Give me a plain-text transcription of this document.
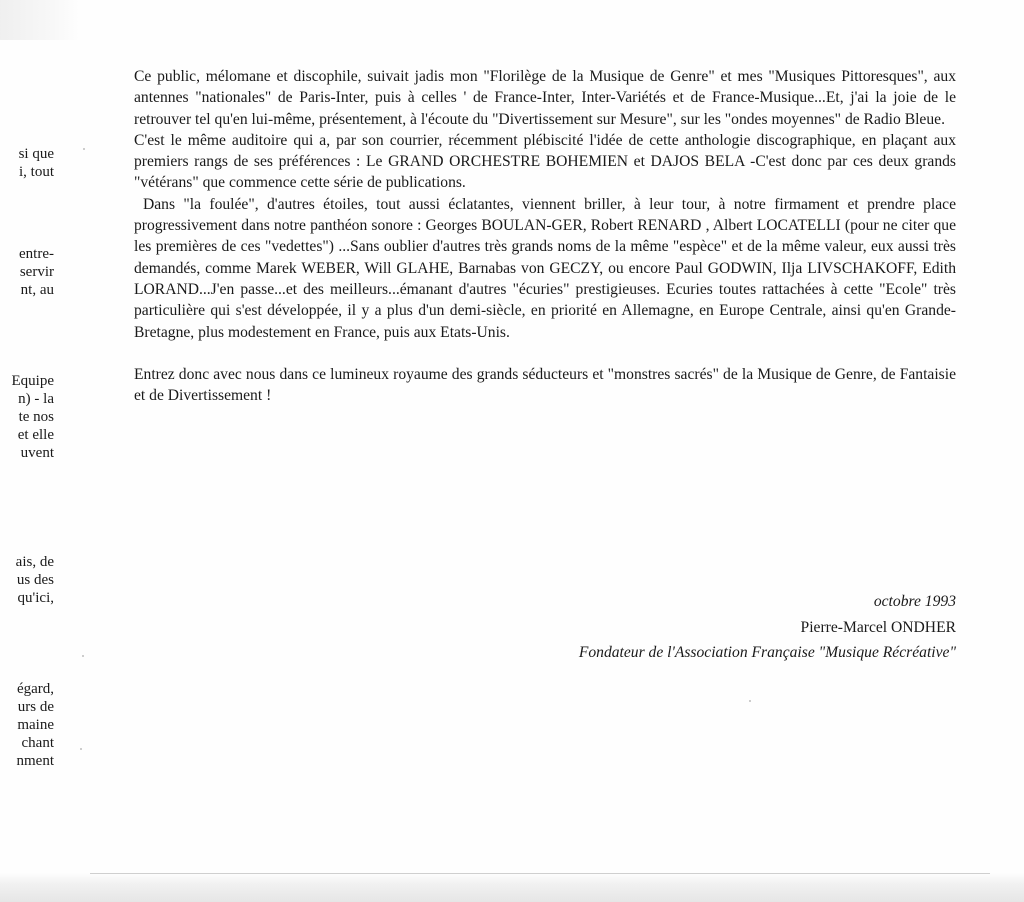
si que
i, tout
entre-
servir
nt, au
Equipe
n) - la
te nos
et elle
uvent
ais, de
us des
qu'ici,
égard,
urs de
maine
chant
nment

Ce public, mélomane et discophile, suivait jadis mon "Florilège de la Musique de Genre" et mes "Musiques Pittoresques", aux antennes "nationales" de Paris-Inter, puis à celles ' de France-Inter, Inter-Variétés et de France-Musique...Et, j'ai la joie de le retrouver tel qu'en lui-même, présentement, à l'écoute du "Divertissement sur Mesure", sur les "ondes moyennes" de Radio Bleue.

C'est le même auditoire qui a, par son courrier, récemment plébiscité l'idée de cette anthologie discographique, en plaçant aux premiers rangs de ses préférences : Le GRAND ORCHESTRE BOHEMIEN et DAJOS BELA -C'est donc par ces deux grands "vétérans" que commence cette série de publications.

Dans "la foulée", d'autres étoiles, tout aussi éclatantes, viennent briller, à leur tour, à notre firmament et prendre place progressivement dans notre panthéon sonore : Georges BOULAN-GER, Robert RENARD , Albert LOCATELLI (pour ne citer que les premières de ces "vedettes") ...Sans oublier d'autres très grands noms de la même "espèce" et de la même valeur, eux aussi très demandés, comme Marek WEBER, Will GLAHE, Barnabas von GECZY, ou encore Paul GODWIN, Ilja LIVSCHAKOFF, Edith LORAND...J'en passe...et des meilleurs...émanant d'autres "écuries" prestigieuses. Ecuries toutes rattachées à cette "Ecole" très particulière qui s'est développée, il y a plus d'un demi-siècle, en priorité en Allemagne, en Europe Centrale, ainsi qu'en Grande-Bretagne, plus modestement en France, puis aux Etats-Unis.

Entrez donc avec nous dans ce lumineux royaume des grands séducteurs et "monstres sacrés" de la Musique de Genre, de Fantaisie et de Divertissement !

octobre 1993
Pierre-Marcel ONDHER
Fondateur de l'Association Française "Musique Récréative"
